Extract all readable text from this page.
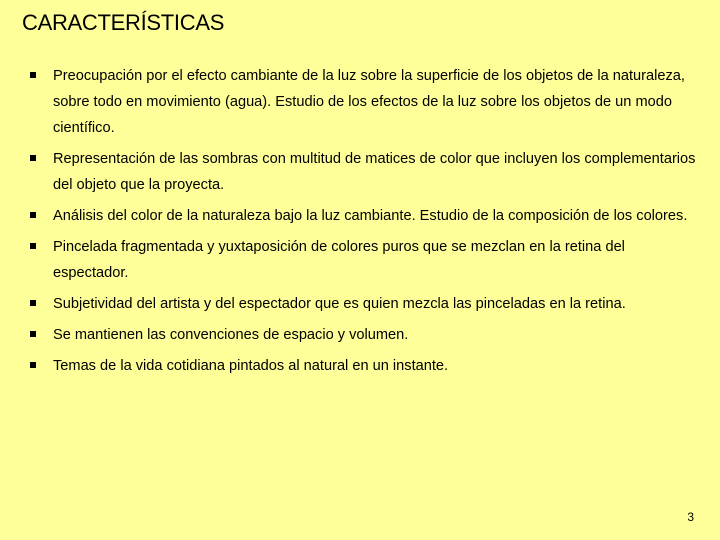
CARACTERÍSTICAS
Preocupación por el efecto cambiante de la luz sobre la superficie de los objetos de la naturaleza, sobre todo en movimiento (agua). Estudio de los efectos de la luz sobre los objetos de un modo científico.
Representación de las sombras con multitud de matices de color que incluyen los complementarios del objeto que la proyecta.
Análisis del color de la naturaleza bajo la luz cambiante. Estudio de la composición de los colores.
Pincelada fragmentada y yuxtaposición de colores puros que se mezclan en la retina del espectador.
Subjetividad del artista y del espectador que es quien mezcla las pinceladas en la retina.
Se mantienen las convenciones de espacio y volumen.
Temas de la vida cotidiana pintados al natural en un instante.
3
